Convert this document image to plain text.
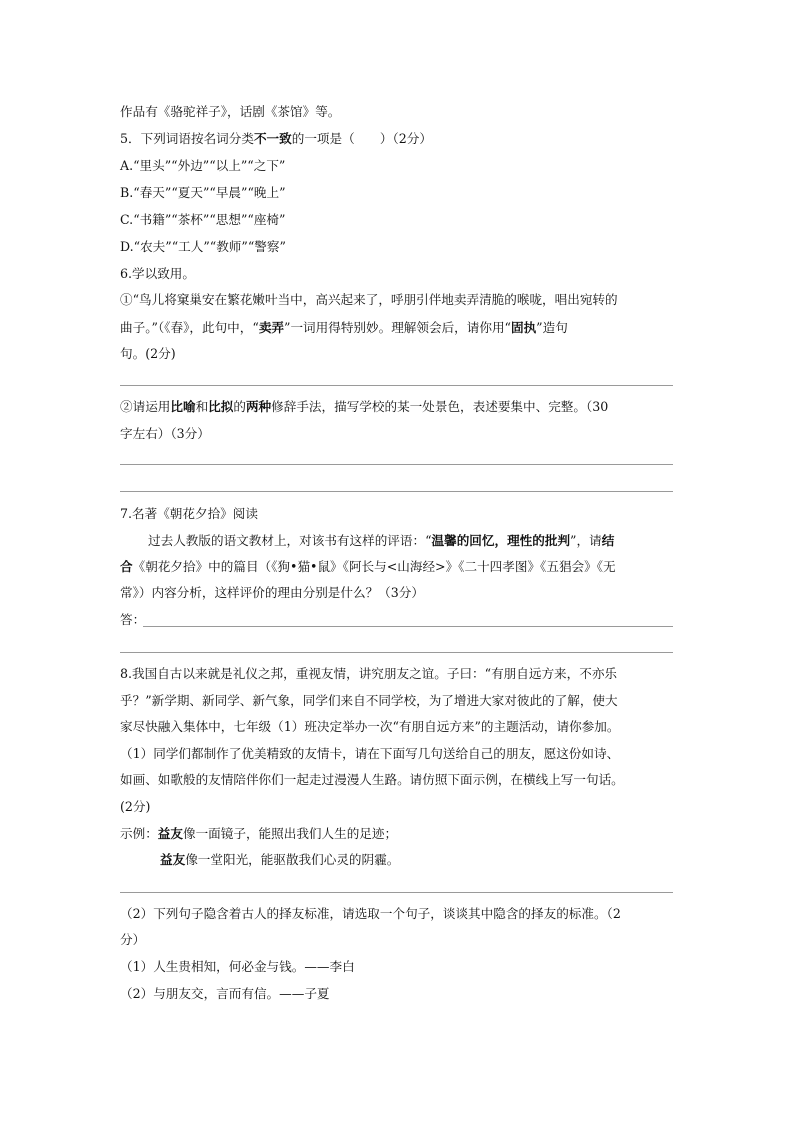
作品有《骆驼祥子》，话剧《茶馆》等。
5．下列词语按名词分类不一致的一项是（　　）（2分）
A.“里头”“外边”“以上”“之下”
B.“春天”“夏天”“早晨”“晚上”
C.“书籍”“茶杯”“思想”“座椅”
D.“农夫”“工人”“教师”“警察”
6.学以致用。
①“鸟儿将窠巢安在繁花嫩叶当中，高兴起来了，呼朋引伴地卖弄清脆的喉咙，唱出宛转的
曲子。”（《春》，此句中，“卖弄”一词用得特别妙。理解领会后，请你用“固执”造句
句。(2分)
②请运用比喻和比拟的两种修辞手法，描写学校的某一处景色，表述要集中、完整。（30
字左右）（3分）
7.名著《朝花夕拾》阅读
过去人教版的语文教材上，对该书有这样的评语：“温馨的回忆，理性的批判”，请结
合《朝花夕拾》中的篇目（《狗•猫•鼠》《阿长与<山海经>》《二十四孝图》《五猖会》《无
常》）内容分析，这样评价的理由分别是什么？（3分）
答：
8.我国自古以来就是礼仪之邦，重视友情，讲究朋友之谊。子曰：“有朋自远方来，不亦乐
乎？”新学期、新同学、新气象，同学们来自不同学校，为了增进大家对彼此的了解，使大
家尽快融入集体中，七年级（1）班决定举办一次“有朋自远方来”的主题活动，请你参加。
（1）同学们都制作了优美精致的友情卡，请在下面写几句送给自己的朋友，愿这份如诗、
如画、如歌般的友情陪伴你们一起走过漫漫人生路。请仿照下面示例，在横线上写一句话。
(2分)
示例：益友像一面镜子，能照出我们人生的足迹；
益友像一堂阳光，能驱散我们心灵的阴霾。
（2）下列句子隐含着古人的择友标准，请选取一个句子，谈谈其中隐含的择友的标准。（2
分）
（1）人生贵相知，何必金与钱。——李白
（2）与朋友交，言而有信。——子夏
